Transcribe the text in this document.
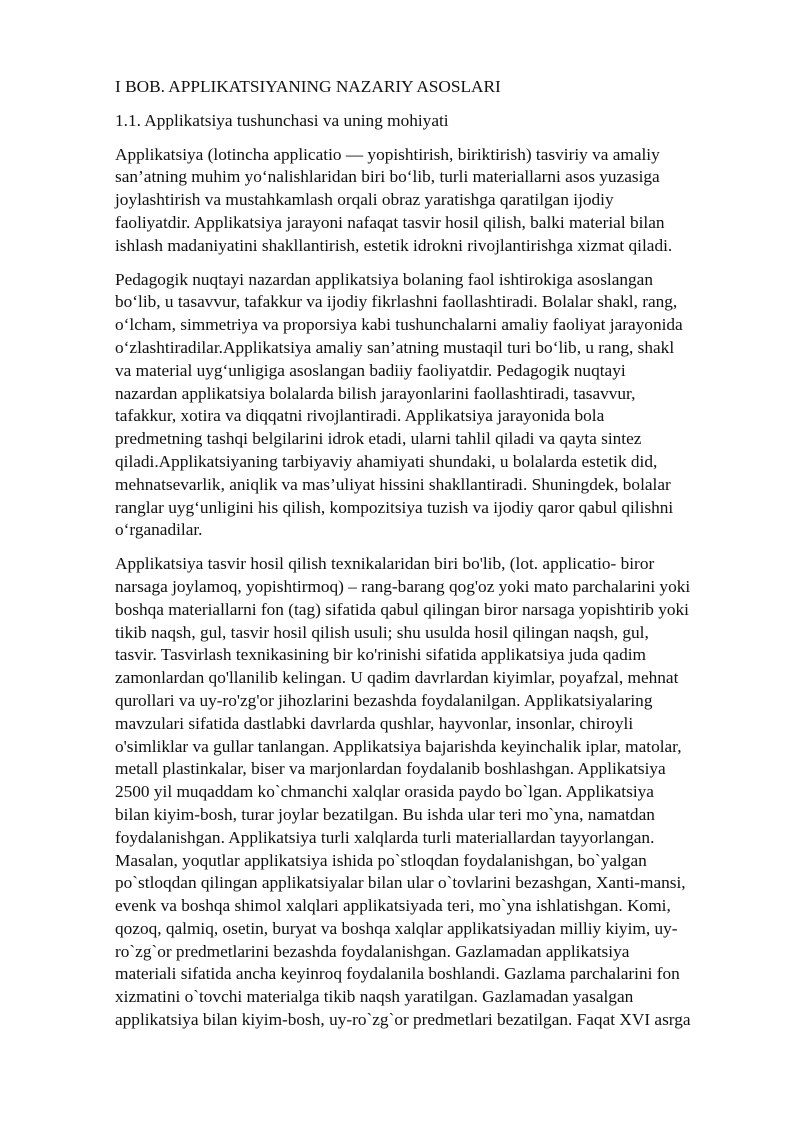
I BOB. APPLIKATSIYANING NAZARIY ASOSLARI
1.1. Applikatsiya tushunchasi va uning mohiyati
Applikatsiya (lotincha applicatio — yopishtirish, biriktirish) tasviriy va amaliy
san’atning muhim yoʻnalishlaridan biri boʻlib, turli materiallarni asos yuzasiga
joylashtirish va mustahkamlash orqali obraz yaratishga qaratilgan ijodiy
faoliyatdir. Applikatsiya jarayoni nafaqat tasvir hosil qilish, balki material bilan
ishlash madaniyatini shakllantirish, estetik idrokni rivojlantirishga xizmat qiladi.
Pedagogik nuqtayi nazardan applikatsiya bolaning faol ishtirokiga asoslangan
boʻlib, u tasavvur, tafakkur va ijodiy fikrlashni faollashtiradi. Bolalar shakl, rang,
oʻlcham, simmetriya va proporsiya kabi tushunchalarni amaliy faoliyat jarayonida
oʻzlashtiradilar.Applikatsiya amaliy san’atning mustaqil turi boʻlib, u rang, shakl
va material uygʻunligiga asoslangan badiiy faoliyatdir. Pedagogik nuqtayi
nazardan applikatsiya bolalarda bilish jarayonlarini faollashtiradi, tasavvur,
tafakkur, xotira va diqqatni rivojlantiradi. Applikatsiya jarayonida bola
predmetning tashqi belgilarini idrok etadi, ularni tahlil qiladi va qayta sintez
qiladi.Applikatsiyaning tarbiyaviy ahamiyati shundaki, u bolalarda estetik did,
mehnatsevarlik, aniqlik va mas’uliyat hissini shakllantiradi. Shuningdek, bolalar
ranglar uygʻunligini his qilish, kompozitsiya tuzish va ijodiy qaror qabul qilishni
oʻrganadilar.
Applikatsiya tasvir hosil qilish texnikalaridan biri bo'lib, (lot. applicatio- biror
narsaga joylamoq, yopishtirmoq) – rang-barang qog'oz yoki mato parchalarini yoki
boshqa materiallarni fon (tag) sifatida qabul qilingan biror narsaga yopishtirib yoki
tikib naqsh, gul, tasvir hosil qilish usuli; shu usulda hosil qilingan naqsh, gul,
tasvir. Tasvirlash texnikasining bir ko'rinishi sifatida applikatsiya juda qadim
zamonlardan qo'llanilib kelingan. U qadim davrlardan kiyimlar, poyafzal, mehnat
qurollari va uy-ro'zg'or jihozlarini bezashda foydalanilgan. Applikatsiyalaring
mavzulari sifatida dastlabki davrlarda qushlar, hayvonlar, insonlar, chiroyli
o'simliklar va gullar tanlangan. Applikatsiya bajarishda keyinchalik iplar, matolar,
metall plastinkalar, biser va marjonlardan foydalanib boshlashgan. Applikatsiya
2500 yil muqaddam ko`chmanchi xalqlar orasida paydo bo`lgan. Applikatsiya
bilan kiyim-bosh, turar joylar bezatilgan. Bu ishda ular teri mo`yna, namatdan
foydalanishgan. Applikatsiya turli xalqlarda turli materiallardan tayyorlangan.
Masalan, yoqutlar applikatsiya ishida po`stloqdan foydalanishgan, bo`yalgan
po`stloqdan qilingan applikatsiyalar bilan ular o`tovlarini bezashgan, Xanti-mansi,
evenk va boshqa shimol xalqlari applikatsiyada teri, mo`yna ishlatishgan. Komi,
qozoq, qalmiq, osetin, buryat va boshqa xalqlar applikatsiyadan milliy kiyim, uy-
ro`zg`or predmetlarini bezashda foydalanishgan. Gazlamadan applikatsiya
materiali sifatida ancha keyinroq foydalanila boshlandi. Gazlama parchalarini fon
xizmatini o`tovchi materialga tikib naqsh yaratilgan. Gazlamadan yasalgan
applikatsiya bilan kiyim-bosh, uy-ro`zg`or predmetlari bezatilgan. Faqat XVI asrga
